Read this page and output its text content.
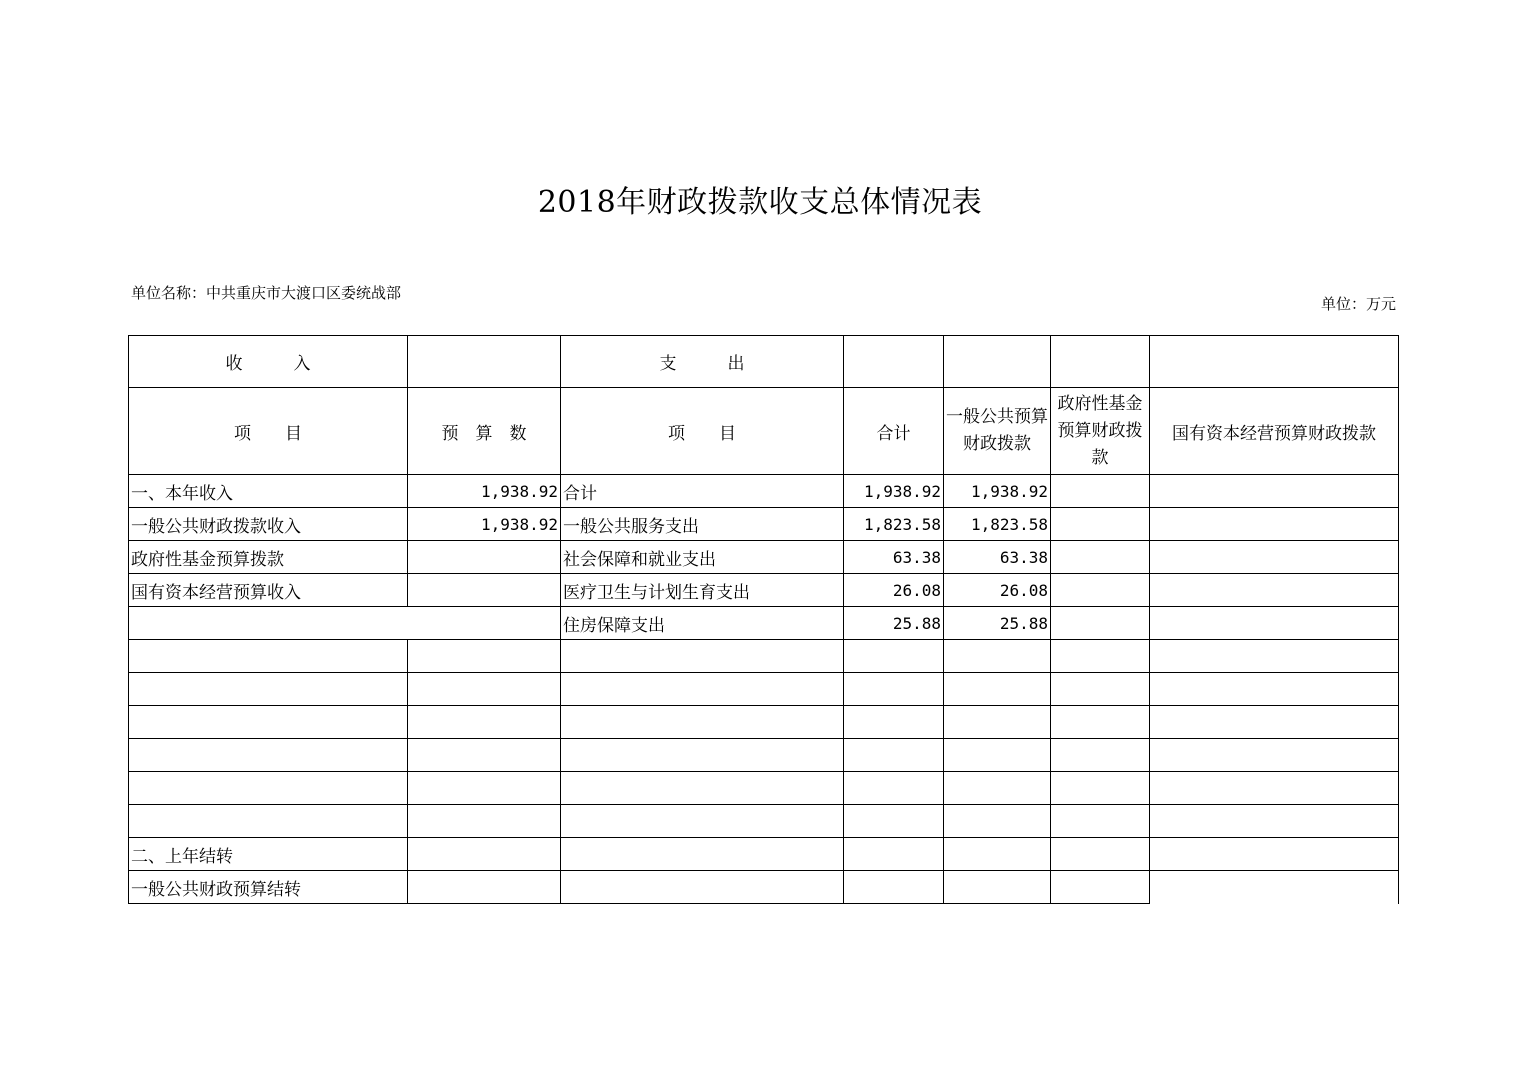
2018年财政拨款收支总体情况表
单位名称：中共重庆市大渡口区委统战部
单位：万元
收　　　入		支　　　出				
项　　目	预　算　数	项　　目	合计	一般公共预算财政拨款	政府性基金预算财政拨款	国有资本经营预算财政拨款
一、本年收入	1,938.92	合计	1,938.92	1,938.92		
一般公共财政拨款收入	1,938.92	一般公共服务支出	1,823.58	1,823.58		
政府性基金预算拨款		社会保障和就业支出	63.38	63.38		
国有资本经营预算收入		医疗卫生与计划生育支出	26.08	26.08		
		住房保障支出	25.88	25.88		

二、上年结转						
一般公共财政预算结转						
